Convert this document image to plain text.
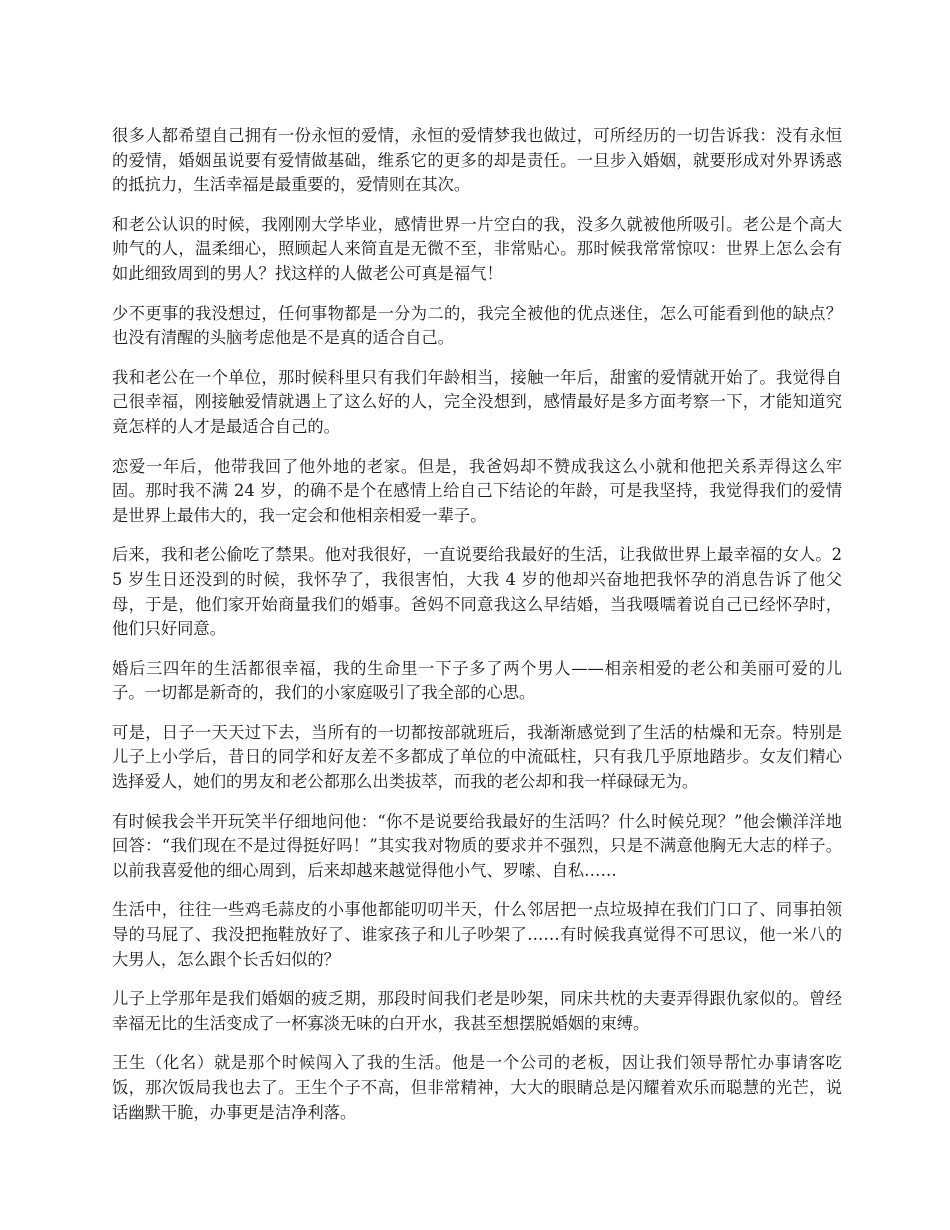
很多人都希望自己拥有一份永恒的爱情，永恒的爱情梦我也做过，可所经历的一切告诉我：没有永恒的爱情，婚姻虽说要有爱情做基础，维系它的更多的却是责任。一旦步入婚姻，就要形成对外界诱惑的抵抗力，生活幸福是最重要的，爱情则在其次。

和老公认识的时候，我刚刚大学毕业，感情世界一片空白的我，没多久就被他所吸引。老公是个高大帅气的人，温柔细心，照顾起人来简直是无微不至，非常贴心。那时候我常常惊叹：世界上怎么会有如此细致周到的男人？找这样的人做老公可真是福气！

少不更事的我没想过，任何事物都是一分为二的，我完全被他的优点迷住，怎么可能看到他的缺点？也没有清醒的头脑考虑他是不是真的适合自己。

我和老公在一个单位，那时候科里只有我们年龄相当，接触一年后，甜蜜的爱情就开始了。我觉得自己很幸福，刚接触爱情就遇上了这么好的人，完全没想到，感情最好是多方面考察一下，才能知道究竟怎样的人才是最适合自己的。

恋爱一年后，他带我回了他外地的老家。但是，我爸妈却不赞成我这么小就和他把关系弄得这么牢固。那时我不满 24 岁，的确不是个在感情上给自己下结论的年龄，可是我坚持，我觉得我们的爱情是世界上最伟大的，我一定会和他相亲相爱一辈子。

后来，我和老公偷吃了禁果。他对我很好，一直说要给我最好的生活，让我做世界上最幸福的女人。25 岁生日还没到的时候，我怀孕了，我很害怕，大我 4 岁的他却兴奋地把我怀孕的消息告诉了他父母，于是，他们家开始商量我们的婚事。爸妈不同意我这么早结婚，当我嗫嚅着说自己已经怀孕时，他们只好同意。

婚后三四年的生活都很幸福，我的生命里一下子多了两个男人——相亲相爱的老公和美丽可爱的儿子。一切都是新奇的，我们的小家庭吸引了我全部的心思。

可是，日子一天天过下去，当所有的一切都按部就班后，我渐渐感觉到了生活的枯燥和无奈。特别是儿子上小学后，昔日的同学和好友差不多都成了单位的中流砥柱，只有我几乎原地踏步。女友们精心选择爱人，她们的男友和老公都那么出类拔萃，而我的老公却和我一样碌碌无为。

有时候我会半开玩笑半仔细地问他：“你不是说要给我最好的生活吗？什么时候兑现？”他会懒洋洋地回答：“我们现在不是过得挺好吗！”其实我对物质的要求并不强烈，只是不满意他胸无大志的样子。以前我喜爱他的细心周到，后来却越来越觉得他小气、罗嗦、自私……

生活中，往往一些鸡毛蒜皮的小事他都能叨叨半天，什么邻居把一点垃圾掉在我们门口了、同事拍领导的马屁了、我没把拖鞋放好了、谁家孩子和儿子吵架了……有时候我真觉得不可思议，他一米八的大男人，怎么跟个长舌妇似的？

儿子上学那年是我们婚姻的疲乏期，那段时间我们老是吵架，同床共枕的夫妻弄得跟仇家似的。曾经幸福无比的生活变成了一杯寡淡无味的白开水，我甚至想摆脱婚姻的束缚。

王生（化名）就是那个时候闯入了我的生活。他是一个公司的老板，因让我们领导帮忙办事请客吃饭，那次饭局我也去了。王生个子不高，但非常精神，大大的眼睛总是闪耀着欢乐而聪慧的光芒，说话幽默干脆，办事更是洁净利落。
